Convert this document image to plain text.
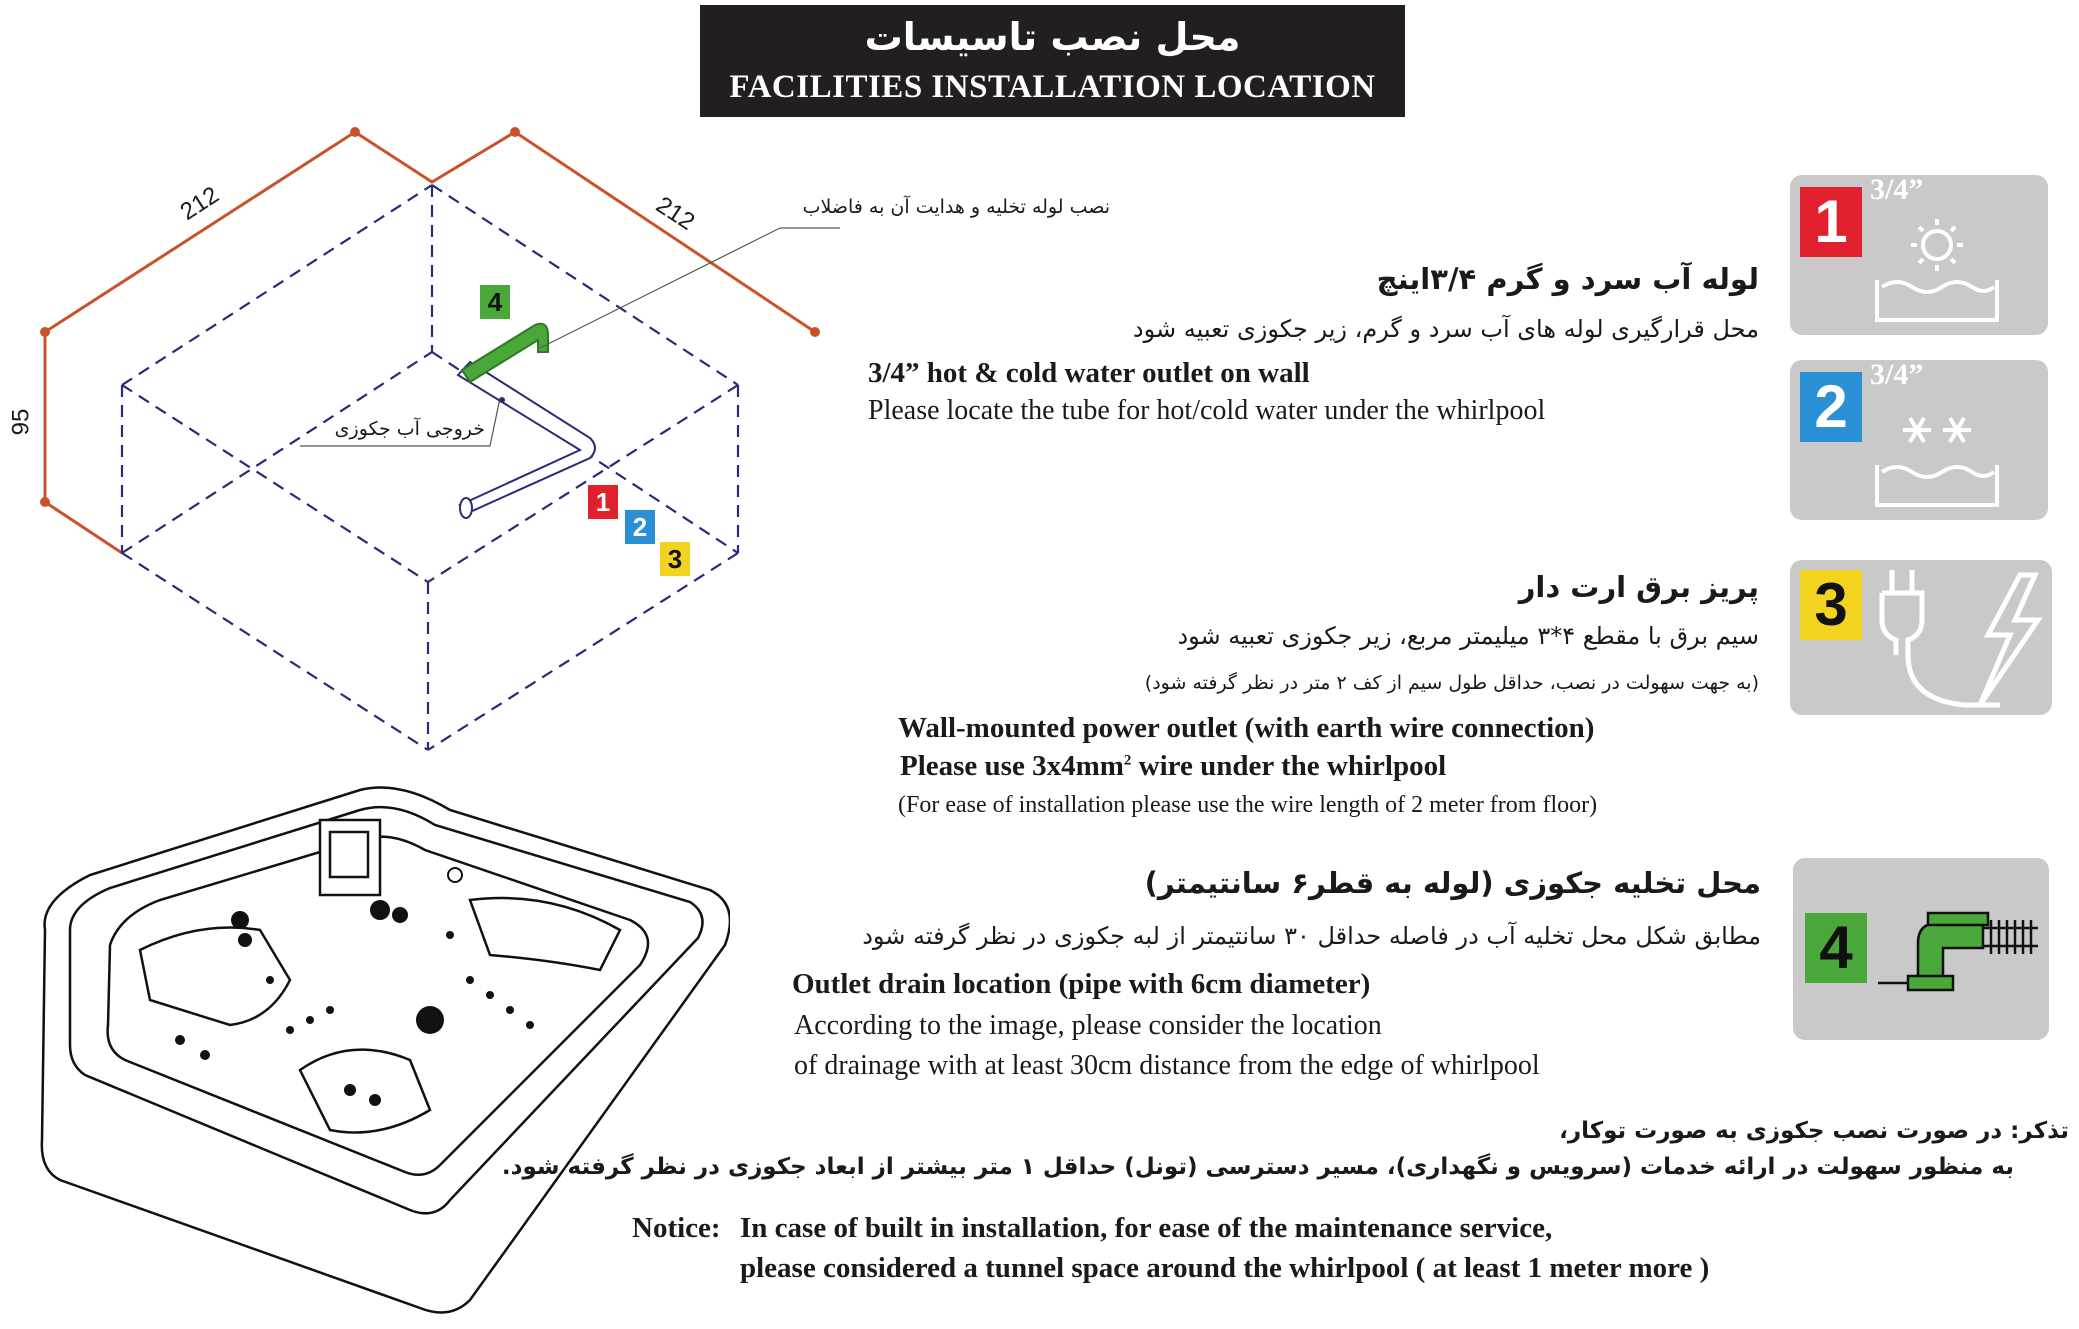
محل نصب تاسیسات
FACILITIES INSTALLATION LOCATION
212	212
95
نصب لوله تخلیه و هدایت آن به فاضلاب
خروجی آب جکوزی
4
1
2
3
لوله آب سرد و گرم ۳/۴اینچ
محل قرارگیری لوله های آب سرد و گرم، زیر جکوزی تعبیه شود
3/4” hot & cold water outlet on wall
Please locate the tube for hot/cold water under the whirlpool
پریز برق ارت دار
سیم برق با مقطع ۴*۳ میلیمتر مربع، زیر جکوزی تعبیه شود
(به جهت سهولت در نصب، حداقل طول سیم از کف ۲ متر در نظر گرفته شود)
Wall-mounted power outlet (with earth wire connection)
Please use $3x4mm^2$ wire under the whirlpool
(For ease of installation please use the wire length of 2 meter from floor)
محل تخلیه جکوزی (لوله به قطر۶ سانتیمتر)
مطابق شکل محل تخلیه آب در فاصله حداقل ۳۰ سانتیمتر از لبه جکوزی در نظر گرفته شود
Outlet drain location (pipe with 6cm diameter)
According to the image, please consider the location
of drainage with at least 30cm distance from the edge of whirlpool
1 3/4”
2 3/4”
3
4
تذکر: در صورت نصب جکوزی به صورت توکار،
به منظور سهولت در ارائه خدمات (سرویس و نگهداری)، مسیر دسترسی (تونل) حداقل ۱ متر بیشتر از ابعاد جکوزی در نظر گرفته شود.
Notice: In case of built in installation, for ease of the maintenance service,
please considered a tunnel space around the whirlpool ( at least 1 meter more )
